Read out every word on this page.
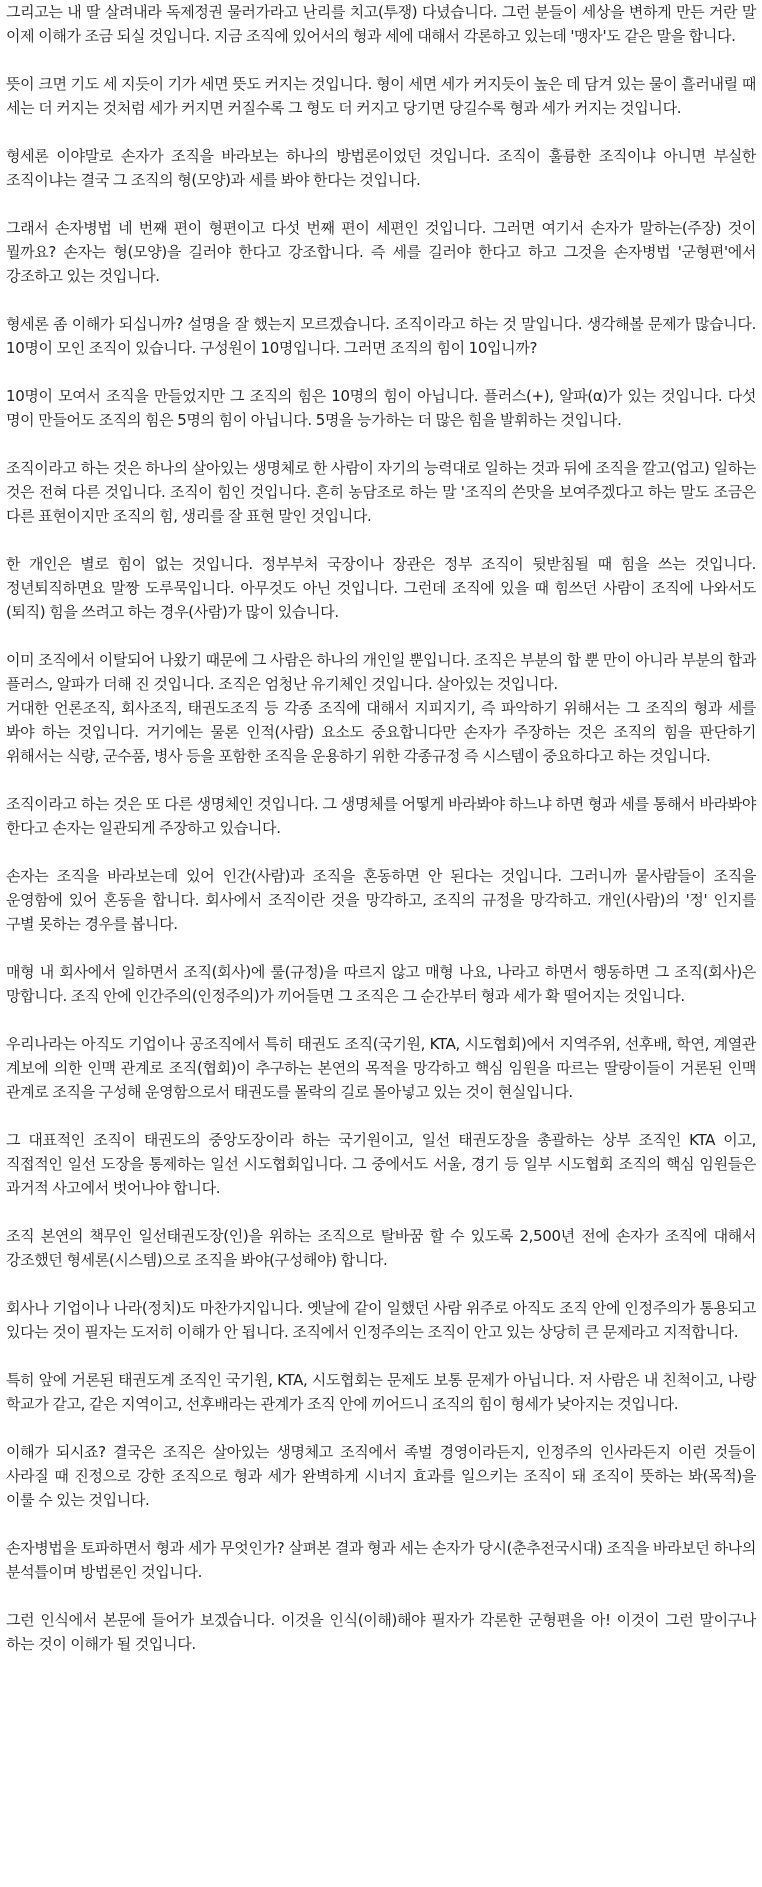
그리고는 내 딸 살려내라 독제정권 물러가라고 난리를 치고(투쟁) 다녔습니다. 그런 분들이 세상을 변하게 만든 거란 말 이제 이해가 조금 되실 것입니다. 지금 조직에 있어서의 형과 세에 대해서 각론하고 있는데 '맹자'도 같은 말을 합니다.

뜻이 크면 기도 세 지듯이 기가 세면 뜻도 커지는 것입니다. 형이 세면 세가 커지듯이 높은 데 담겨 있는 물이 흘러내릴 때 세는 더 커지는 것처럼 세가 커지면 커질수록 그 형도 더 커지고 당기면 당길수록 형과 세가 커지는 것입니다.

형세론 이야말로 손자가 조직을 바라보는 하나의 방법론이었던 것입니다. 조직이 훌륭한 조직이냐 아니면 부실한 조직이냐는 결국 그 조직의 형(모양)과 세를 봐야 한다는 것입니다.

그래서 손자병법 네 번째 편이 형편이고 다섯 번째 편이 세편인 것입니다. 그러면 여기서 손자가 말하는(주장) 것이 뭘까요? 손자는 형(모양)을 길러야 한다고 강조합니다. 즉 세를 길러야 한다고 하고 그것을 손자병법 '군형편'에서 강조하고 있는 것입니다.

형세론 좀 이해가 되십니까? 설명을 잘 했는지 모르겠습니다. 조직이라고 하는 것 말입니다. 생각해볼 문제가 많습니다. 10명이 모인 조직이 있습니다. 구성원이 10명입니다. 그러면 조직의 힘이 10입니까?

10명이 모여서 조직을 만들었지만 그 조직의 힘은 10명의 힘이 아닙니다. 플러스(+), 알파(α)가 있는 것입니다. 다섯 명이 만들어도 조직의 힘은 5명의 힘이 아닙니다. 5명을 능가하는 더 많은 힘을 발휘하는 것입니다.

조직이라고 하는 것은 하나의 살아있는 생명체로 한 사람이 자기의 능력대로 일하는 것과 뒤에 조직을 깔고(업고) 일하는 것은 전혀 다른 것입니다. 조직이 힘인 것입니다. 흔히 농담조로 하는 말 '조직의 쓴맛을 보여주겠다고 하는 말도 조금은 다른 표현이지만 조직의 힘, 생리를 잘 표현 말인 것입니다.

한 개인은 별로 힘이 없는 것입니다. 정부부처 국장이나 장관은 정부 조직이 뒷받침될 때 힘을 쓰는 것입니다. 정년퇴직하면요 말짱 도루묵입니다. 아무것도 아닌 것입니다. 그런데 조직에 있을 때 힘쓰던 사람이 조직에 나와서도(퇴직) 힘을 쓰려고 하는 경우(사람)가 많이 있습니다.

이미 조직에서 이탈되어 나왔기 때문에 그 사람은 하나의 개인일 뿐입니다. 조직은 부분의 합 뿐 만이 아니라 부분의 합과 플러스, 알파가 더해 진 것입니다. 조직은 엄청난 유기체인 것입니다. 살아있는 것입니다.

거대한 언론조직, 회사조직, 태권도조직 등 각종 조직에 대해서 지피지기, 즉 파악하기 위해서는 그 조직의 형과 세를 봐야 하는 것입니다. 거기에는 물론 인적(사람) 요소도 중요합니다만 손자가 주장하는 것은 조직의 힘을 판단하기 위해서는 식량, 군수품, 병사 등을 포함한 조직을 운용하기 위한 각종규정 즉 시스템이 중요하다고 하는 것입니다.

조직이라고 하는 것은 또 다른 생명체인 것입니다. 그 생명체를 어떻게 바라봐야 하느냐 하면 형과 세를 통해서 바라봐야 한다고 손자는 일관되게 주장하고 있습니다.

손자는 조직을 바라보는데 있어 인간(사람)과 조직을 혼동하면 안 된다는 것입니다. 그러니까 뭍사람들이 조직을 운영함에 있어 혼동을 합니다. 회사에서 조직이란 것을 망각하고, 조직의 규정을 망각하고. 개인(사람)의 '정' 인지를 구별 못하는 경우를 봅니다.

매형 내 회사에서 일하면서 조직(회사)에 룰(규정)을 따르지 않고 매형 나요, 나라고 하면서 행동하면 그 조직(회사)은 망합니다. 조직 안에 인간주의(인정주의)가 끼어들면 그 조직은 그 순간부터 형과 세가 확 떨어지는 것입니다.

우리나라는 아직도 기업이나 공조직에서 특히 태권도 조직(국기원, KTA, 시도협회)에서 지역주위, 선후배, 학연, 계열관 계보에 의한 인맥 관계로 조직(협회)이 추구하는 본연의 목적을 망각하고 핵심 임원을 따르는 딸랑이들이 거론된 인맥 관계로 조직을 구성해 운영함으로서 태권도를 몰락의 길로 몰아넣고 있는 것이 현실입니다.

그 대표적인 조직이 태권도의 중앙도장이라 하는 국기원이고, 일선 태권도장을 총괄하는 상부 조직인 KTA 이고, 직접적인 일선 도장을 통제하는 일선 시도협회입니다. 그 중에서도 서울, 경기 등 일부 시도협회 조직의 핵심 임원들은 과거적 사고에서 벗어나야 합니다.

조직 본연의 책무인 일선태권도장(인)을 위하는 조직으로 탈바꿈 할 수 있도록 2,500년 전에 손자가 조직에 대해서 강조했던 형세론(시스템)으로 조직을 봐야(구성해야) 합니다.

회사나 기업이나 나라(정치)도 마찬가지입니다. 옛날에 같이 일했던 사람 위주로 아직도 조직 안에 인정주의가 통용되고 있다는 것이 필자는 도저히 이해가 안 됩니다. 조직에서 인정주의는 조직이 안고 있는 상당히 큰 문제라고 지적합니다.

특히 앞에 거론된 태권도계 조직인 국기원, KTA, 시도협회는 문제도 보통 문제가 아닙니다. 저 사람은 내 친척이고, 나랑 학교가 같고, 같은 지역이고, 선후배라는 관계가 조직 안에 끼어드니 조직의 힘이 형세가 낮아지는 것입니다.

이해가 되시죠? 결국은 조직은 살아있는 생명체고 조직에서 족벌 경영이라든지, 인정주의 인사라든지 이런 것들이 사라질 때 진정으로 강한 조직으로 형과 세가 완벽하게 시너지 효과를 일으키는 조직이 돼 조직이 뜻하는 봐(목적)을 이룰 수 있는 것입니다.

손자병법을 토파하면서 형과 세가 무엇인가? 살펴본 결과 형과 세는 손자가 당시(춘추전국시대) 조직을 바라보던 하나의 분석틀이며 방법론인 것입니다.

그런 인식에서 본문에 들어가 보겠습니다. 이것을 인식(이해)해야 필자가 각론한 군형편을 아! 이것이 그런 말이구나 하는 것이 이해가 될 것입니다.
